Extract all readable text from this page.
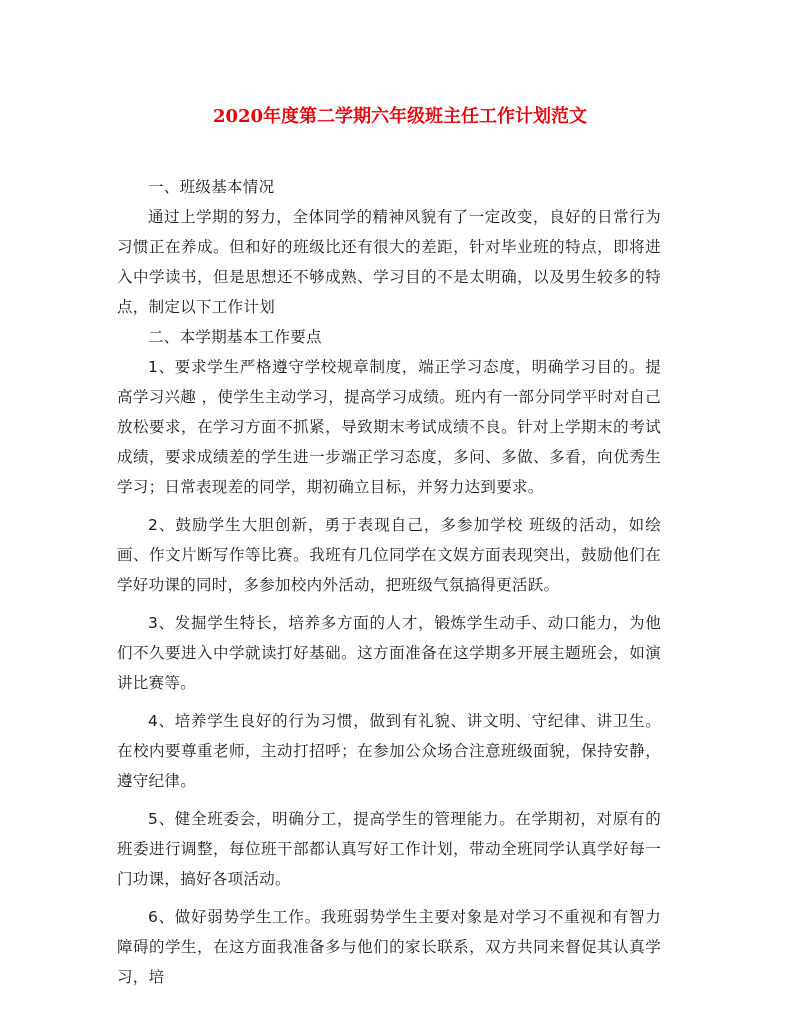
2020年度第二学期六年级班主任工作计划范文

一、班级基本情况

通过上学期的努力，全体同学的精神风貌有了一定改变，良好的日常行为习惯正在养成。但和好的班级比还有很大的差距，针对毕业班的特点，即将进入中学读书，但是思想还不够成熟、学习目的不是太明确，以及男生较多的特点，制定以下工作计划

二、本学期基本工作要点

1、要求学生严格遵守学校规章制度，端正学习态度，明确学习目的。提高学习兴趣 ，使学生主动学习，提高学习成绩。班内有一部分同学平时对自己放松要求，在学习方面不抓紧，导致期末考试成绩不良。针对上学期末的考试成绩，要求成绩差的学生进一步端正学习态度，多问、多做、多看，向优秀生学习；日常表现差的同学，期初确立目标，并努力达到要求。

2、鼓励学生大胆创新，勇于表现自己，多参加学校 班级的活动，如绘画、作文片断写作等比赛。我班有几位同学在文娱方面表现突出，鼓励他们在学好功课的同时，多参加校内外活动，把班级气氛搞得更活跃。

3、发掘学生特长，培养多方面的人才，锻炼学生动手、动口能力，为他们不久要进入中学就读打好基础。这方面准备在这学期多开展主题班会，如演讲比赛等。

4、培养学生良好的行为习惯，做到有礼貌、讲文明、守纪律、讲卫生。在校内要尊重老师，主动打招呼；在参加公众场合注意班级面貌，保持安静，遵守纪律。

5、健全班委会，明确分工，提高学生的管理能力。在学期初，对原有的班委进行调整，每位班干部都认真写好工作计划，带动全班同学认真学好每一门功课，搞好各项活动。

6、做好弱势学生工作。我班弱势学生主要对象是对学习不重视和有智力障碍的学生，在这方面我准备多与他们的家长联系，双方共同来督促其认真学习，培
